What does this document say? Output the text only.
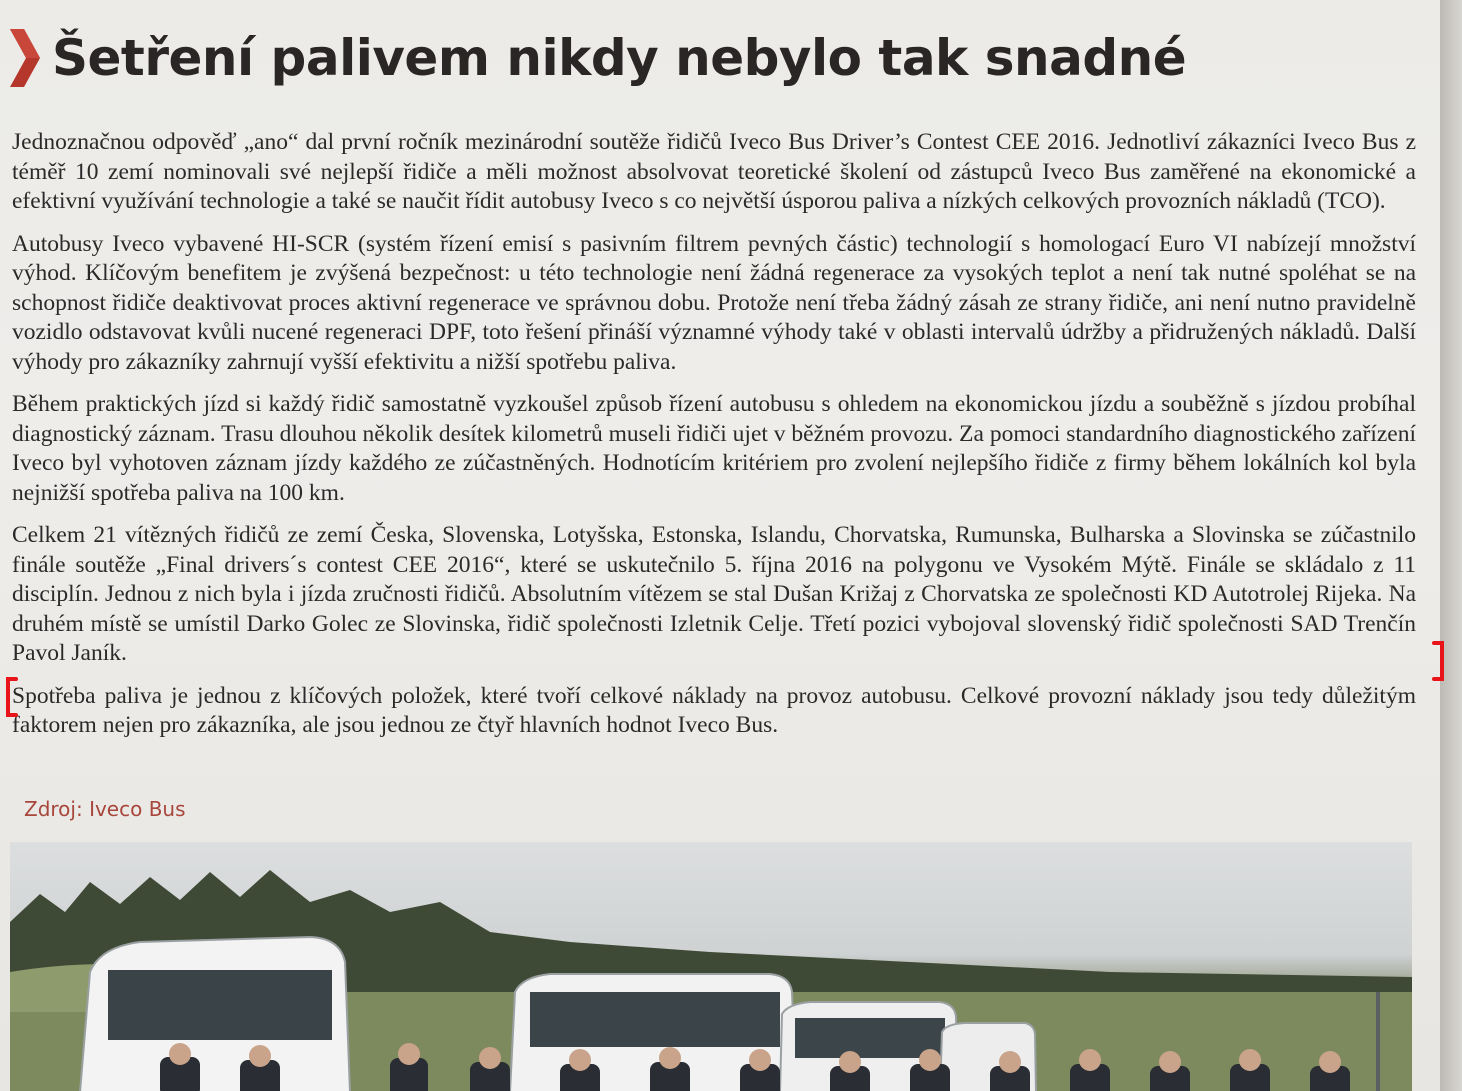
Šetření palivem nikdy nebylo tak snadné

Jednoznačnou odpověď „ano“ dal první ročník mezinárodní soutěže řidičů Iveco Bus Driver’s Contest CEE 2016. Jednotliví zákazníci Iveco Bus z téměř 10 zemí nominovali své nejlepší řidiče a měli možnost absolvovat teoretické školení od zástupců Iveco Bus zaměřené na ekonomické a efektivní využívání technologie a také se naučit řídit autobusy Iveco s co největší úsporou paliva a nízkých celkových provozních nákladů (TCO).

Autobusy Iveco vybavené HI-SCR (systém řízení emisí s pasivním filtrem pevných částic) technologií s homologací Euro VI nabízejí množství výhod. Klíčovým benefitem je zvýšená bezpečnost: u této technologie není žádná regenerace za vysokých teplot a není tak nutné spoléhat se na schopnost řidiče deaktivovat proces aktivní regenerace ve správnou dobu. Protože není třeba žádný zásah ze strany řidiče, ani není nutno pravidelně vozidlo odstavovat kvůli nucené regeneraci DPF, toto řešení přináší významné výhody také v oblasti intervalů údržby a přidružených nákladů. Další výhody pro zákazníky zahrnují vyšší efektivitu a nižší spotřebu paliva.

Během praktických jízd si každý řidič samostatně vyzkoušel způsob řízení autobusu s ohledem na ekonomickou jízdu a souběžně s jízdou probíhal diagnostický záznam. Trasu dlouhou několik desítek kilometrů museli řidiči ujet v běžném provozu. Za pomoci standardního diagnostického zařízení Iveco byl vyhotoven záznam jízdy každého ze zúčastněných. Hodnotícím kritériem pro zvolení nejlepšího řidiče z firmy během lokálních kol byla nejnižší spotřeba paliva na 100 km.

Celkem 21 vítězných řidičů ze zemí Česka, Slovenska, Lotyšska, Estonska, Islandu, Chorvatska, Rumunska, Bulharska a Slovinska se zúčastnilo finále soutěže „Final drivers´s contest CEE 2016“, které se uskutečnilo 5. října 2016 na polygonu ve Vysokém Mýtě. Finále se skládalo z 11 disciplín. Jednou z nich byla i jízda zručnosti řidičů. Absolutním vítězem se stal Dušan Križaj z Chorvatska ze společnosti KD Autotrolej Rijeka. Na druhém místě se umístil Darko Golec ze Slovinska, řidič společnosti Izletnik Celje. Třetí pozici vybojoval slovenský řidič společnosti SAD Trenčín Pavol Janík.

Spotřeba paliva je jednou z klíčových položek, které tvoří celkové náklady na provoz autobusu. Celkové provozní náklady jsou tedy důležitým faktorem nejen pro zákazníka, ale jsou jednou ze čtyř hlavních hodnot Iveco Bus.

Zdroj: Iveco Bus
